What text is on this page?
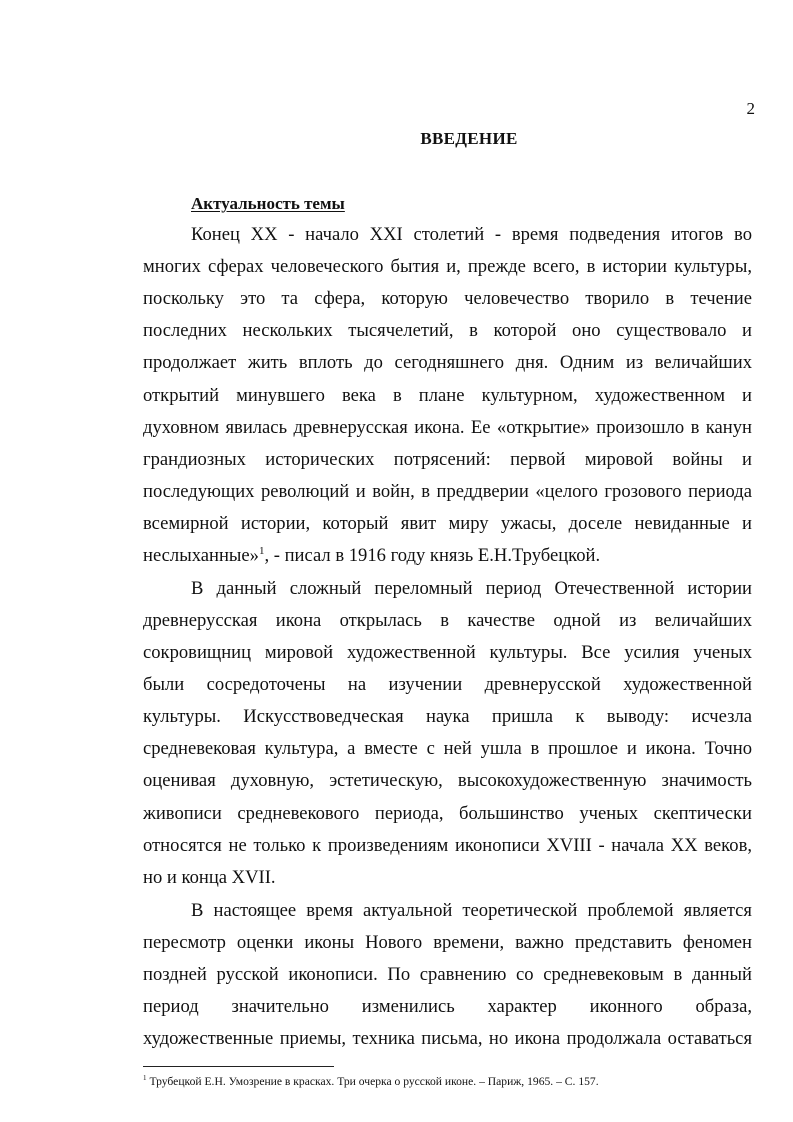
2
ВВЕДЕНИЕ
Актуальность темы
Конец XX - начало XXI столетий - время подведения итогов во
многих сферах человеческого бытия и, прежде всего, в истории культуры,
поскольку это та сфера, которую человечество творило в течение
последних нескольких тысячелетий, в которой оно существовало и
продолжает жить вплоть до сегодняшнего дня. Одним из величайших
открытий минувшего века в плане культурном, художественном и
духовном явилась древнерусская икона. Ее «открытие» произошло в канун
грандиозных исторических потрясений: первой мировой войны и
последующих революций и войн, в преддверии «целого грозового периода
всемирной истории, который явит миру ужасы, доселе невиданные и
неслыханные»$^1$, - писал в 1916 году князь Е.Н.Трубецкой.
В данный сложный переломный период Отечественной истории
древнерусская икона открылась в качестве одной из величайших
сокровищниц мировой художественной культуры. Все усилия ученых
были сосредоточены на изучении древнерусской художественной
культуры. Искусствоведческая наука пришла к выводу: исчезла
средневековая культура, а вместе с ней ушла в прошлое и икона. Точно
оценивая духовную, эстетическую, высокохудожественную значимость
живописи средневекового периода, большинство ученых скептически
относятся не только к произведениям иконописи XVIII - начала XX веков,
но и конца XVII.
В настоящее время актуальной теоретической проблемой является
пересмотр оценки иконы Нового времени, важно представить феномен
поздней русской иконописи. По сравнению со средневековым в данный
период значительно изменились характер иконного образа,
художественные приемы, техника письма, но икона продолжала оставаться
$^1$ Трубецкой Е.Н. Умозрение в красках. Три очерка о русской иконе. – Париж, 1965. – С. 157.
